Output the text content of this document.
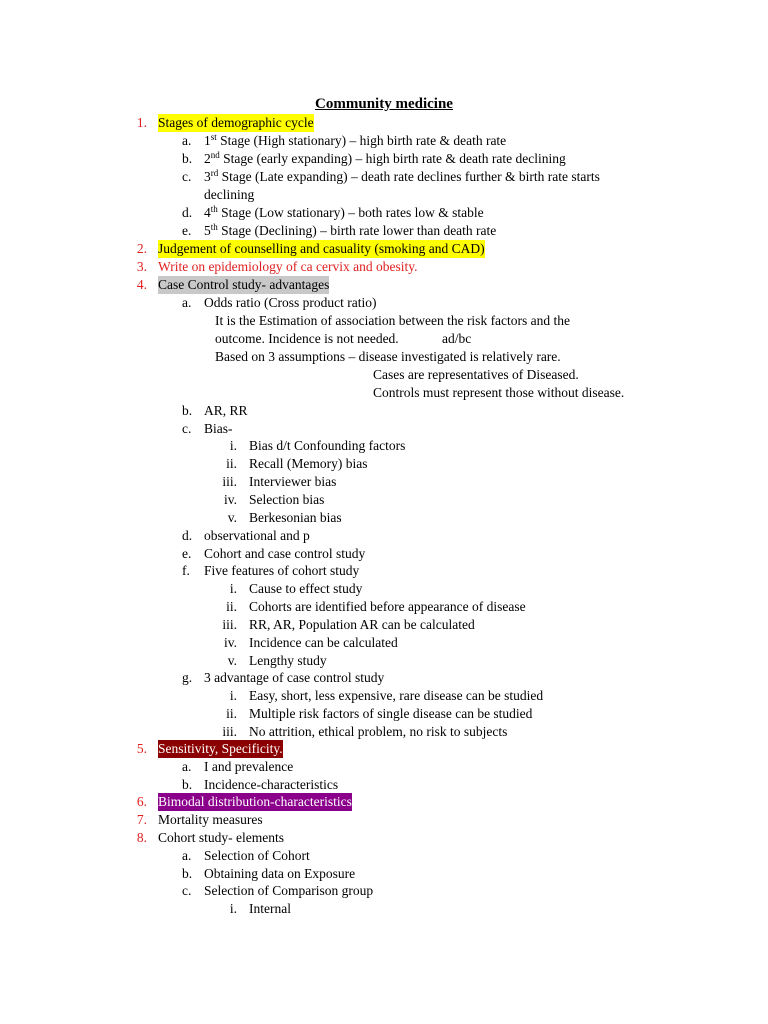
Community medicine
1. Stages of demographic cycle
a. 1st Stage (High stationary) – high birth rate & death rate
b. 2nd Stage (early expanding) – high birth rate & death rate declining
c. 3rd Stage (Late expanding) – death rate declines further & birth rate starts
declining
d. 4th Stage (Low stationary) – both rates low & stable
e. 5th Stage (Declining) – birth rate lower than death rate
2. Judgement of counselling and casuality (smoking and CAD)
3. Write on epidemiology of ca cervix and obesity.
4. Case Control study- advantages
a. Odds ratio (Cross product ratio)
It is the Estimation of association between the risk factors and the
outcome. Incidence is not needed.	ad/bc
Based on 3 assumptions – disease investigated is relatively rare.
Cases are representatives of Diseased.
Controls must represent those without disease.
b. AR, RR
c. Bias-
i. Bias d/t Confounding factors
ii. Recall (Memory) bias
iii. Interviewer bias
iv. Selection bias
v. Berkesonian bias
d. observational and p
e. Cohort and case control study
f. Five features of cohort study
i. Cause to effect study
ii. Cohorts are identified before appearance of disease
iii. RR, AR, Population AR can be calculated
iv. Incidence can be calculated
v. Lengthy study
g. 3 advantage of case control study
i. Easy, short, less expensive, rare disease can be studied
ii. Multiple risk factors of single disease can be studied
iii. No attrition, ethical problem, no risk to subjects
5. Sensitivity, Specificity.
a. I and prevalence
b. Incidence-characteristics
6. Bimodal distribution-characteristics
7. Mortality measures
8. Cohort study- elements
a. Selection of Cohort
b. Obtaining data on Exposure
c. Selection of Comparison group
i. Internal
